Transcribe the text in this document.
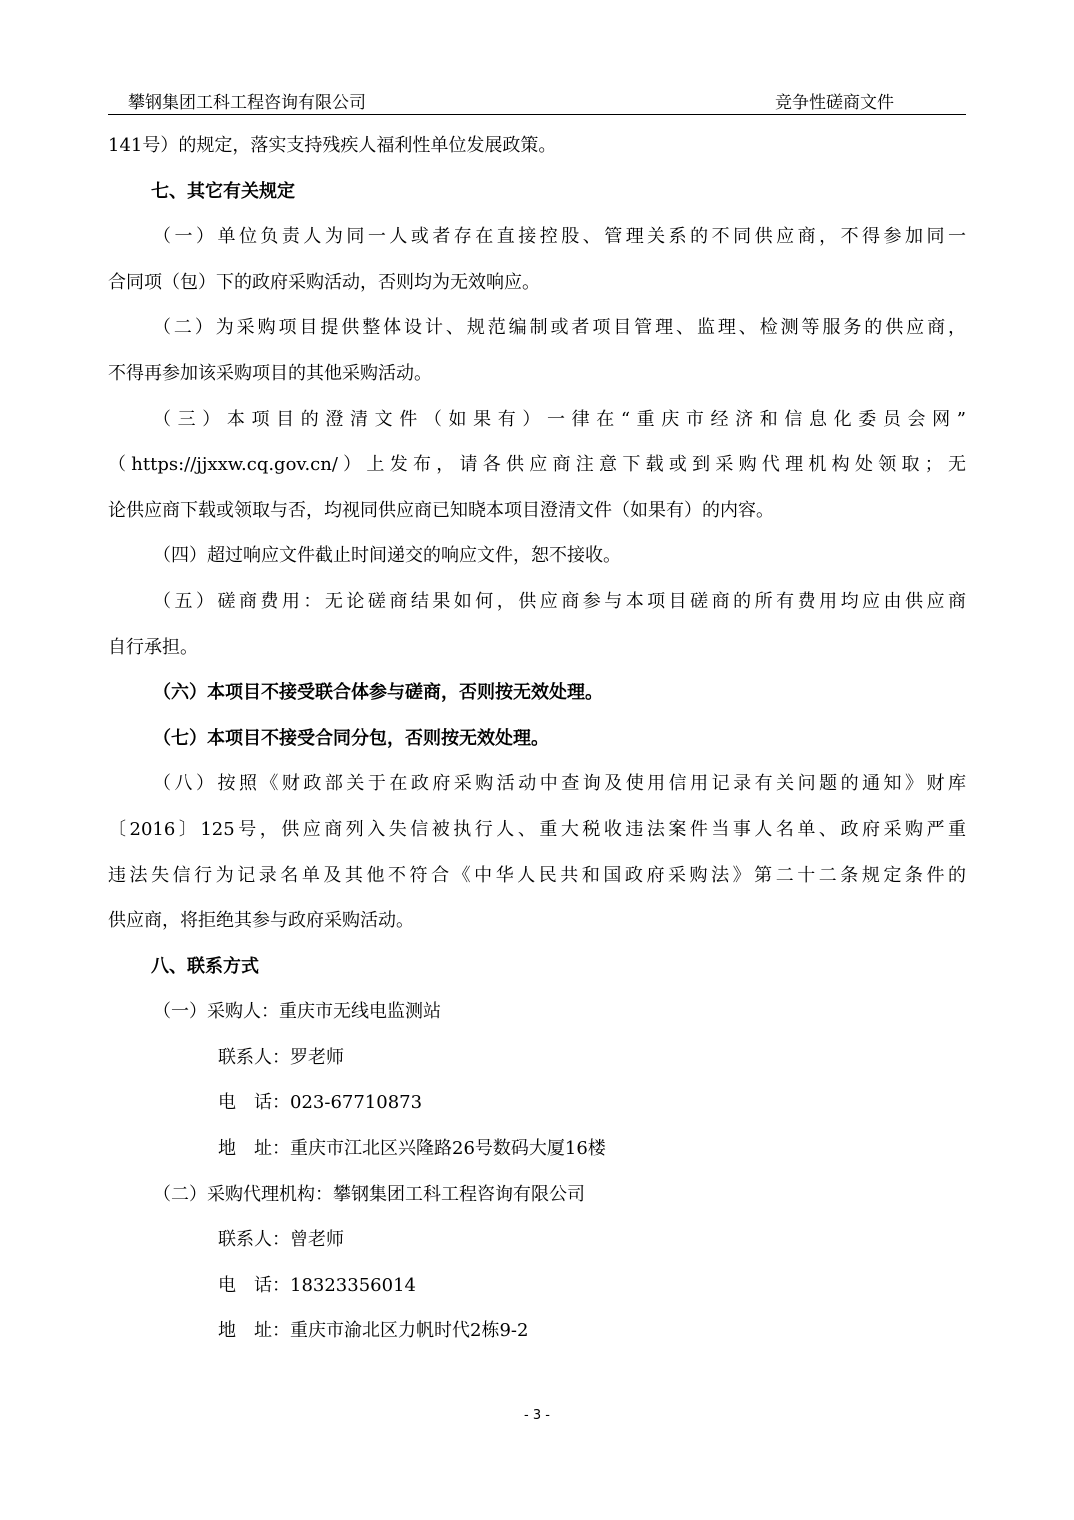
攀钢集团工科工程咨询有限公司	竞争性磋商文件

141号）的规定，落实支持残疾人福利性单位发展政策。

七、其它有关规定

（一）单位负责人为同一人或者存在直接控股、管理关系的不同供应商，不得参加同一

合同项（包）下的政府采购活动，否则均为无效响应。

（二）为采购项目提供整体设计、规范编制或者项目管理、监理、检测等服务的供应商，

不得再参加该采购项目的其他采购活动。

（三）本项目的澄清文件（如果有）一律在“重庆市经济和信息化委员会网”

（https://jjxxw.cq.gov.cn/）上发布，请各供应商注意下载或到采购代理机构处领取；无

论供应商下载或领取与否，均视同供应商已知晓本项目澄清文件（如果有）的内容。

（四）超过响应文件截止时间递交的响应文件，恕不接收。

（五）磋商费用：无论磋商结果如何，供应商参与本项目磋商的所有费用均应由供应商

自行承担。

（六）本项目不接受联合体参与磋商，否则按无效处理。

（七）本项目不接受合同分包，否则按无效处理。

（八）按照《财政部关于在政府采购活动中查询及使用信用记录有关问题的通知》财库

〔2016〕125号，供应商列入失信被执行人、重大税收违法案件当事人名单、政府采购严重

违法失信行为记录名单及其他不符合《中华人民共和国政府采购法》第二十二条规定条件的

供应商，将拒绝其参与政府采购活动。

八、联系方式

（一）采购人：重庆市无线电监测站

联系人：罗老师

电　话：023-67710873

地　址：重庆市江北区兴隆路26号数码大厦16楼

（二）采购代理机构：攀钢集团工科工程咨询有限公司

联系人：曾老师

电　话：18323356014

地　址：重庆市渝北区力帆时代2栋9-2

- 3 -
